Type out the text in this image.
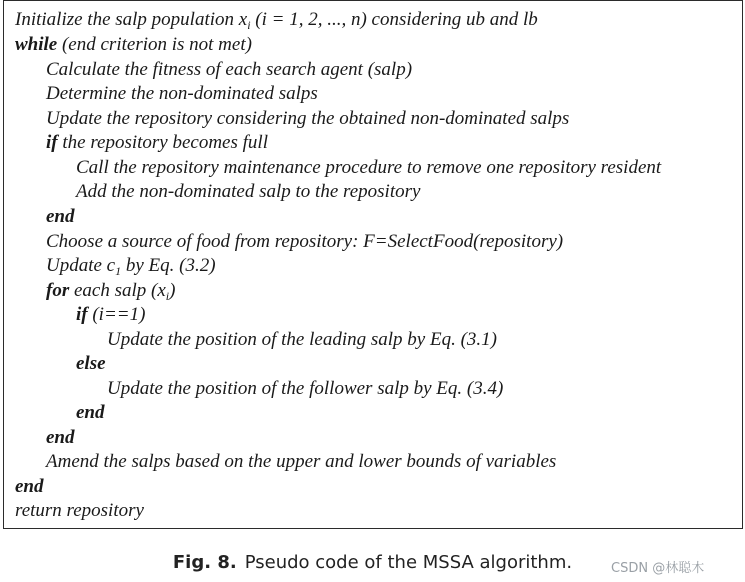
Initialize the salp population $x_i$ (i = 1, 2, ..., n) considering ub and lb
while (end criterion is not met)
Calculate the fitness of each search agent (salp)
Determine the non-dominated salps
Update the repository considering the obtained non-dominated salps
if the repository becomes full
Call the repository maintenance procedure to remove one repository resident
Add the non-dominated salp to the repository
end
Choose a source of food from repository: F=SelectFood(repository)
Update $c_1$ by Eq. (3.2)
for each salp $(x_i)$
if (i==1)
Update the position of the leading salp by Eq. (3.1)
else
Update the position of the follower salp by Eq. (3.4)
end
end
Amend the salps based on the upper and lower bounds of variables
end
return repository
Fig. 8. Pseudo code of the MSSA algorithm.	CSDN @林聪木
